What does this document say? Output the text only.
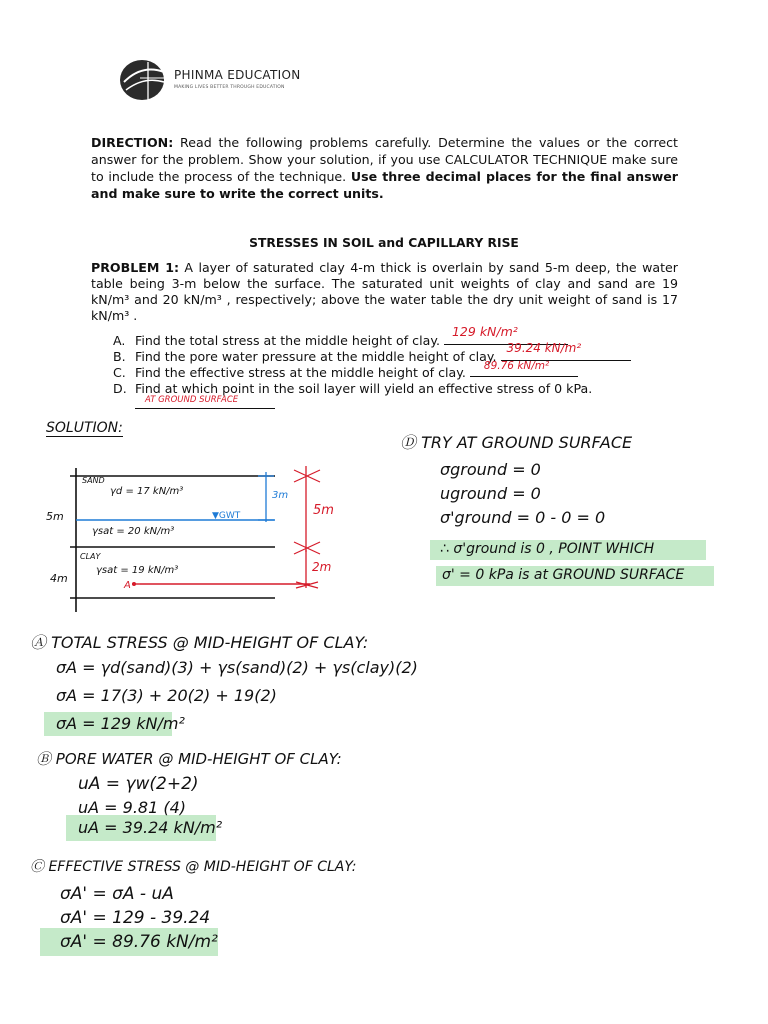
PHINMA EDUCATION
MAKING LIVES BETTER THROUGH EDUCATION
DIRECTION: Read the following problems carefully. Determine the values or the correct answer for the problem. Show your solution, if you use CALCULATOR TECHNIQUE make sure to include the process of the technique. Use three decimal places for the final answer and make sure to write the correct units.
STRESSES IN SOIL and CAPILLARY RISE
PROBLEM 1: A layer of saturated clay 4-m thick is overlain by sand 5-m deep, the water table being 3-m below the surface. The saturated unit weights of clay and sand are 19 kN/m³ and 20 kN/m³ , respectively; above the water table the dry unit weight of sand is 17 kN/m³ .
A. Find the total stress at the middle height of clay.
129 kN/m²
B. Find the pore water pressure at the middle height of clay.
39.24 kN/m²
C. Find the effective stress at the middle height of clay. 89.76 kN/m²
D. Find at which point in the soil layer will yield an effective stress of 0 kPa.
AT GROUND SURFACE
SOLUTION:
SAND
γd = 17 kN/m³
▼GWT
γsat = 20 kN/m³
CLAY
γsat = 19 kN/m³
A
5m
4m
3m
5m
2m
Ⓐ TOTAL STRESS @ MID-HEIGHT OF CLAY:
σA = γd(sand)(3) + γs(sand)(2) + γs(clay)(2)
σA = 17(3) + 20(2) + 19(2)
σA = 129 kN/m²
Ⓑ PORE WATER @ MID-HEIGHT OF CLAY:
uA = γw(2+2)
uA = 9.81 (4)
uA = 39.24 kN/m²
Ⓒ EFFECTIVE STRESS @ MID-HEIGHT OF CLAY:
σA' = σA - uA
σA' = 129 - 39.24
σA' = 89.76 kN/m²
Ⓓ TRY AT GROUND SURFACE
σground = 0
uground = 0
σ'ground = 0 - 0 = 0
∴ σ'ground is 0 , POINT WHICH
σ' = 0 kPa is at GROUND SURFACE
